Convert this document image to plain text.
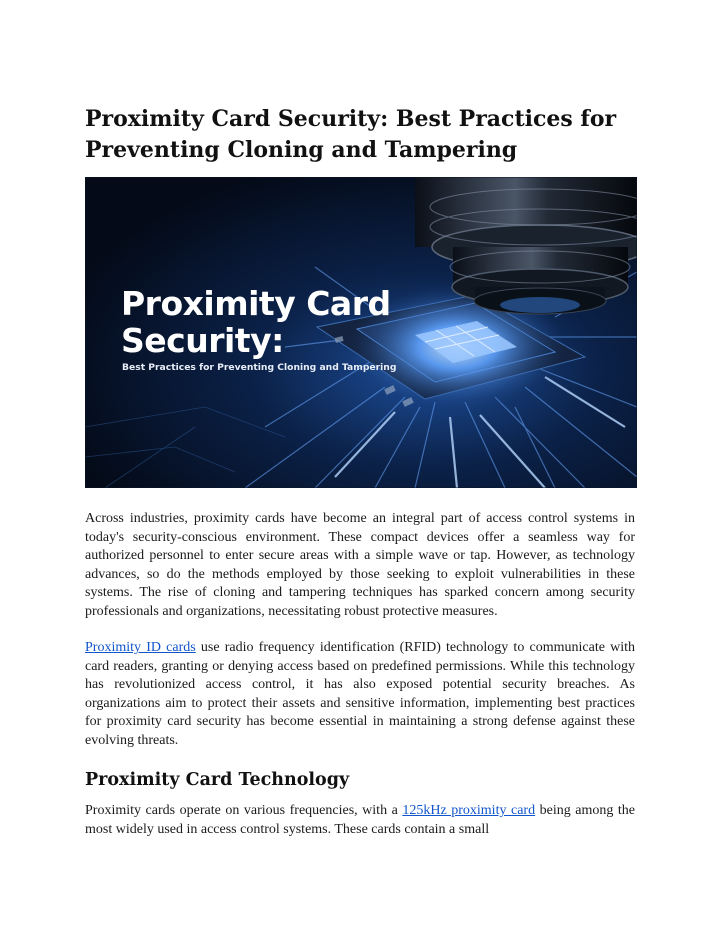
Proximity Card Security: Best Practices for Preventing Cloning and Tampering
Proximity Card
Security:

Best Practices for Preventing Cloning and Tampering

Across industries, proximity cards have become an integral part of access control systems in today's security-conscious environment. These compact devices offer a seamless way for authorized personnel to enter secure areas with a simple wave or tap. However, as technology advances, so do the methods employed by those seeking to exploit vulnerabilities in these systems. The rise of cloning and tampering techniques has sparked concern among security professionals and organizations, necessitating robust protective measures.

Proximity ID cards use radio frequency identification (RFID) technology to communicate with card readers, granting or denying access based on predefined permissions. While this technology has revolutionized access control, it has also exposed potential security breaches. As organizations aim to protect their assets and sensitive information, implementing best practices for proximity card security has become essential in maintaining a strong defense against these evolving threats.

Proximity Card Technology

Proximity cards operate on various frequencies, with a 125kHz proximity card being among the most widely used in access control systems. These cards contain a small
